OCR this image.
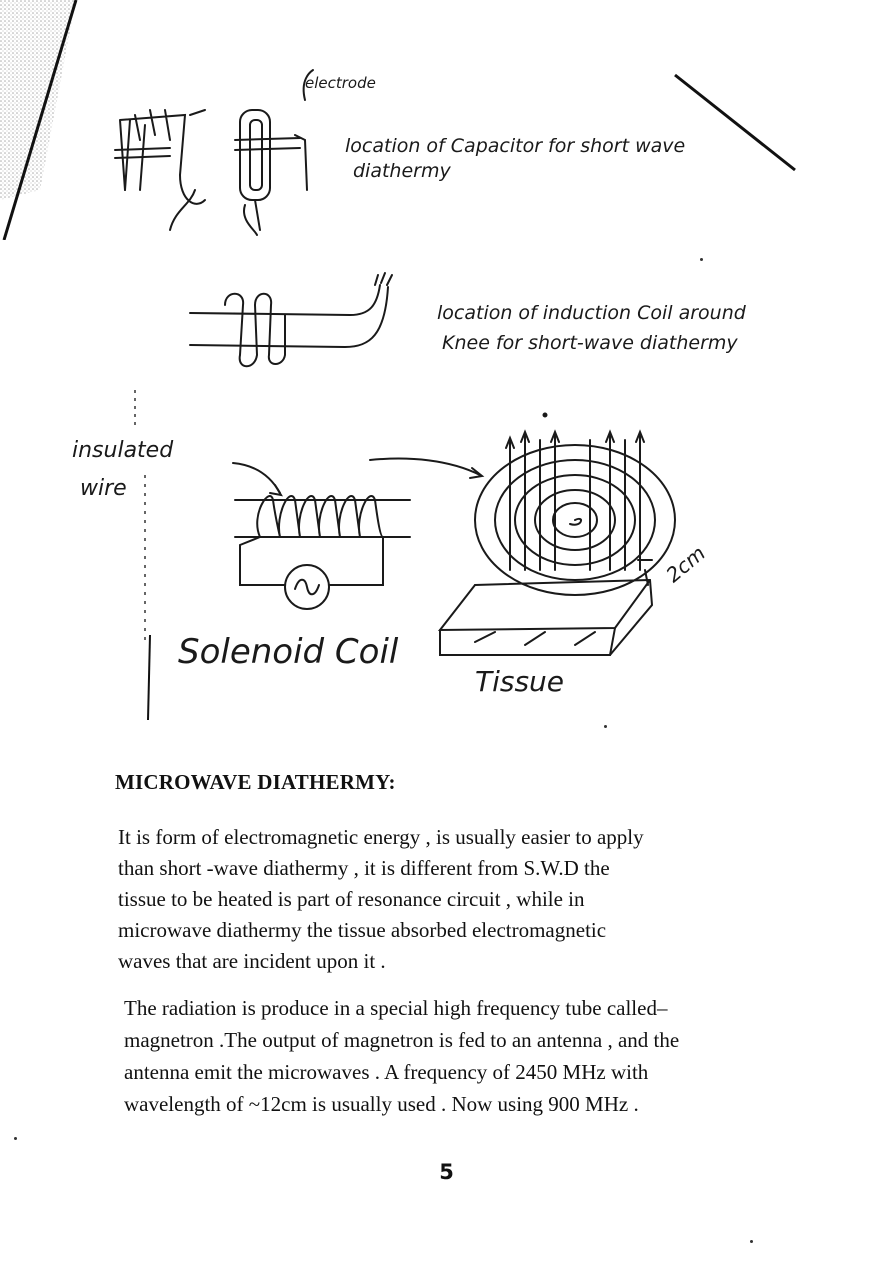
electrode
location of Capacitor for short wave
diathermy
location of induction Coil around
Knee for short-wave diathermy
insulated
wire
Solenoid Coil
Tissue
2cm
MICROWAVE DIATHERMY:

It is form of electromagnetic energy , is usually easier to apply

than short -wave diathermy , it is different from S.W.D the

tissue to be heated is part of resonance circuit , while in

microwave diathermy the tissue absorbed electromagnetic

waves that are incident upon it .

The radiation is produce in a special high frequency tube called–

magnetron .The output of magnetron is fed to an antenna , and the

antenna emit the microwaves . A frequency of 2450 MHz with

wavelength of ~12cm is usually used . Now using 900 MHz .

5
